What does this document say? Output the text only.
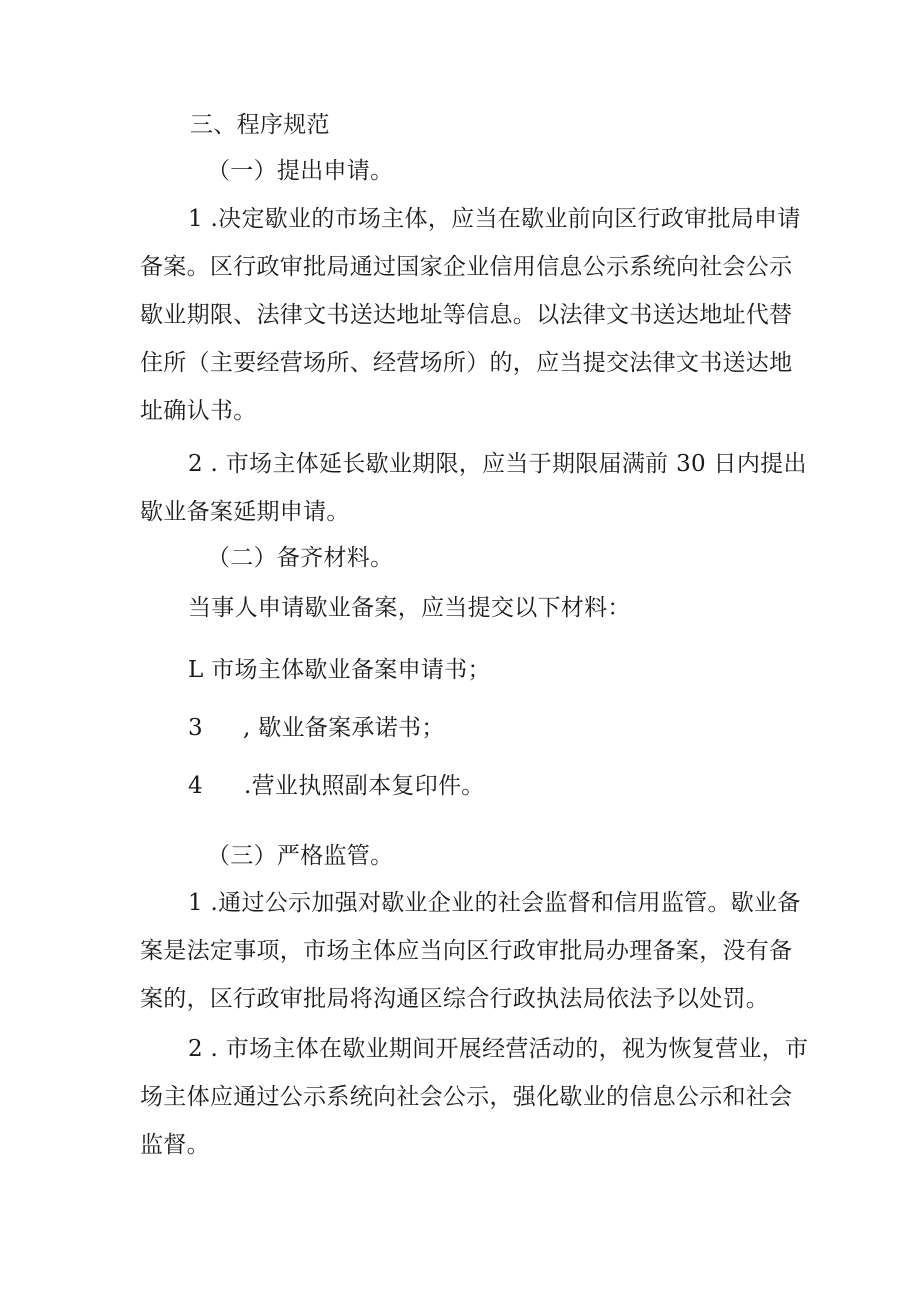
三、程序规范
（一）提出申请。
1 .决定歇业的市场主体，应当在歇业前向区行政审批局申请
备案。区行政审批局通过国家企业信用信息公示系统向社会公示
歇业期限、法律文书送达地址等信息。以法律文书送达地址代替
住所（主要经营场所、经营场所）的，应当提交法律文书送达地
址确认书。
2 . 市场主体延长歇业期限，应当于期限届满前 30 日内提出
歇业备案延期申请。
（二）备齐材料。
当事人申请歇业备案，应当提交以下材料：
L 市场主体歇业备案申请书；
3 , 歇业备案承诺书；
4 .营业执照副本复印件。
（三）严格监管。
1 .通过公示加强对歇业企业的社会监督和信用监管。歇业备
案是法定事项，市场主体应当向区行政审批局办理备案，没有备
案的，区行政审批局将沟通区综合行政执法局依法予以处罚。
2 . 市场主体在歇业期间开展经营活动的，视为恢复营业，市
场主体应通过公示系统向社会公示，强化歇业的信息公示和社会
监督。
